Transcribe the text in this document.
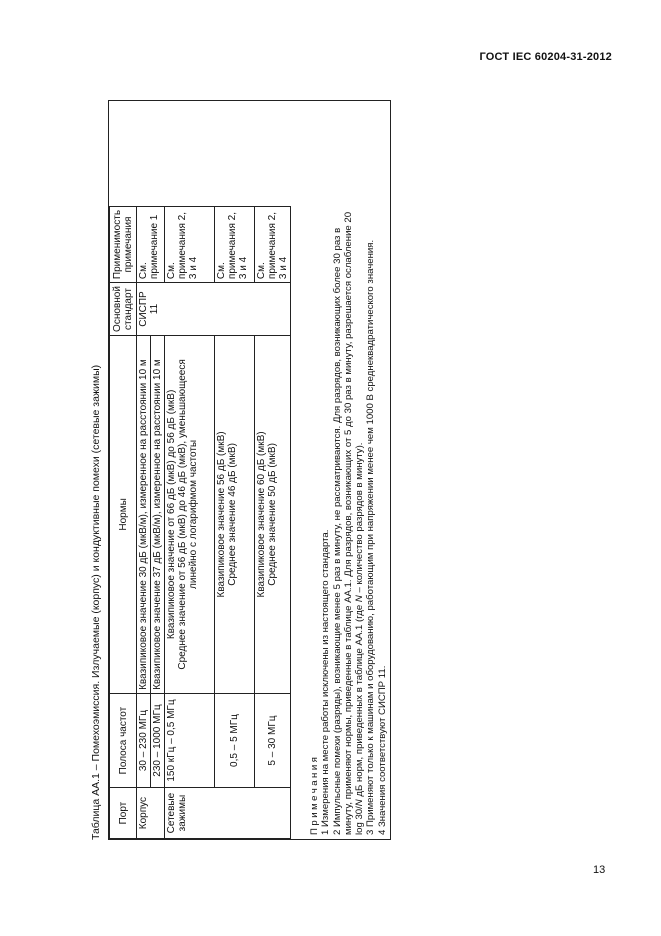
ГОСТ IEC 60204-31-2012
Таблица АА.1 – Помехоэмиссия. Излучаемые (корпус) и кондуктивные помехи (сетевые зажимы) Порт	Полоса частот	Нормы	Основной стандарт	Применимость примечания	
Корпус	30 – 230 МГц	Квазипиковое значение 30 дБ (мкВ/м), измеренное на расстоянии 10 м	СИСПР 11	См. примечание 1	
	230 – 1000 МГц	Квазипиковое значение 37 дБ (мкВ/м), измеренное на расстоянии 10 м			
Сетевые зажимы	150 кГц – 0,5 МГц	Квазипиковое значение от 66 дБ (мкВ) до 56 дБ (мкВ) Среднее значение от 56 дБ (мкВ) до 46 дБ (мкВ), уменьшающееся линейно с логарифмом частоты		См. примечания 2, 3 и 4	
	0,5 – 5 МГц	Квазипиковое значение 56 дБ (мкВ) Среднее значение 46 дБ (мкВ)		См. примечания 2, 3 и 4	
	5 – 30 МГц	Квазипиковое значение 60 дБ (мкВ) Среднее значение 50 дБ (мкВ)		См. примечания 2, 3 и 4	
Примечания 1 Измерения на месте работы исключены из настоящего стандарта. 2 Импульсные помехи (разряды), возникающие менее 5 раз в минуту, не рассматриваются. Для разрядов, возникающих более 30 раз в минуту, применяют нормы, приведенные в таблице АА.1. Для разрядов, возникающих от 5 до 30 раз в минуту, разрешается ослабление 20 log 30/N дБ норм, приведенных в таблице АА.1 (где N – количество разрядов в минуту). 3 Применяют только к машинам и оборудованию, работающим при напряжении менее чем 1000 В среднеквадратического значения. 4 Значения соответствуют СИСПР 11.
13
